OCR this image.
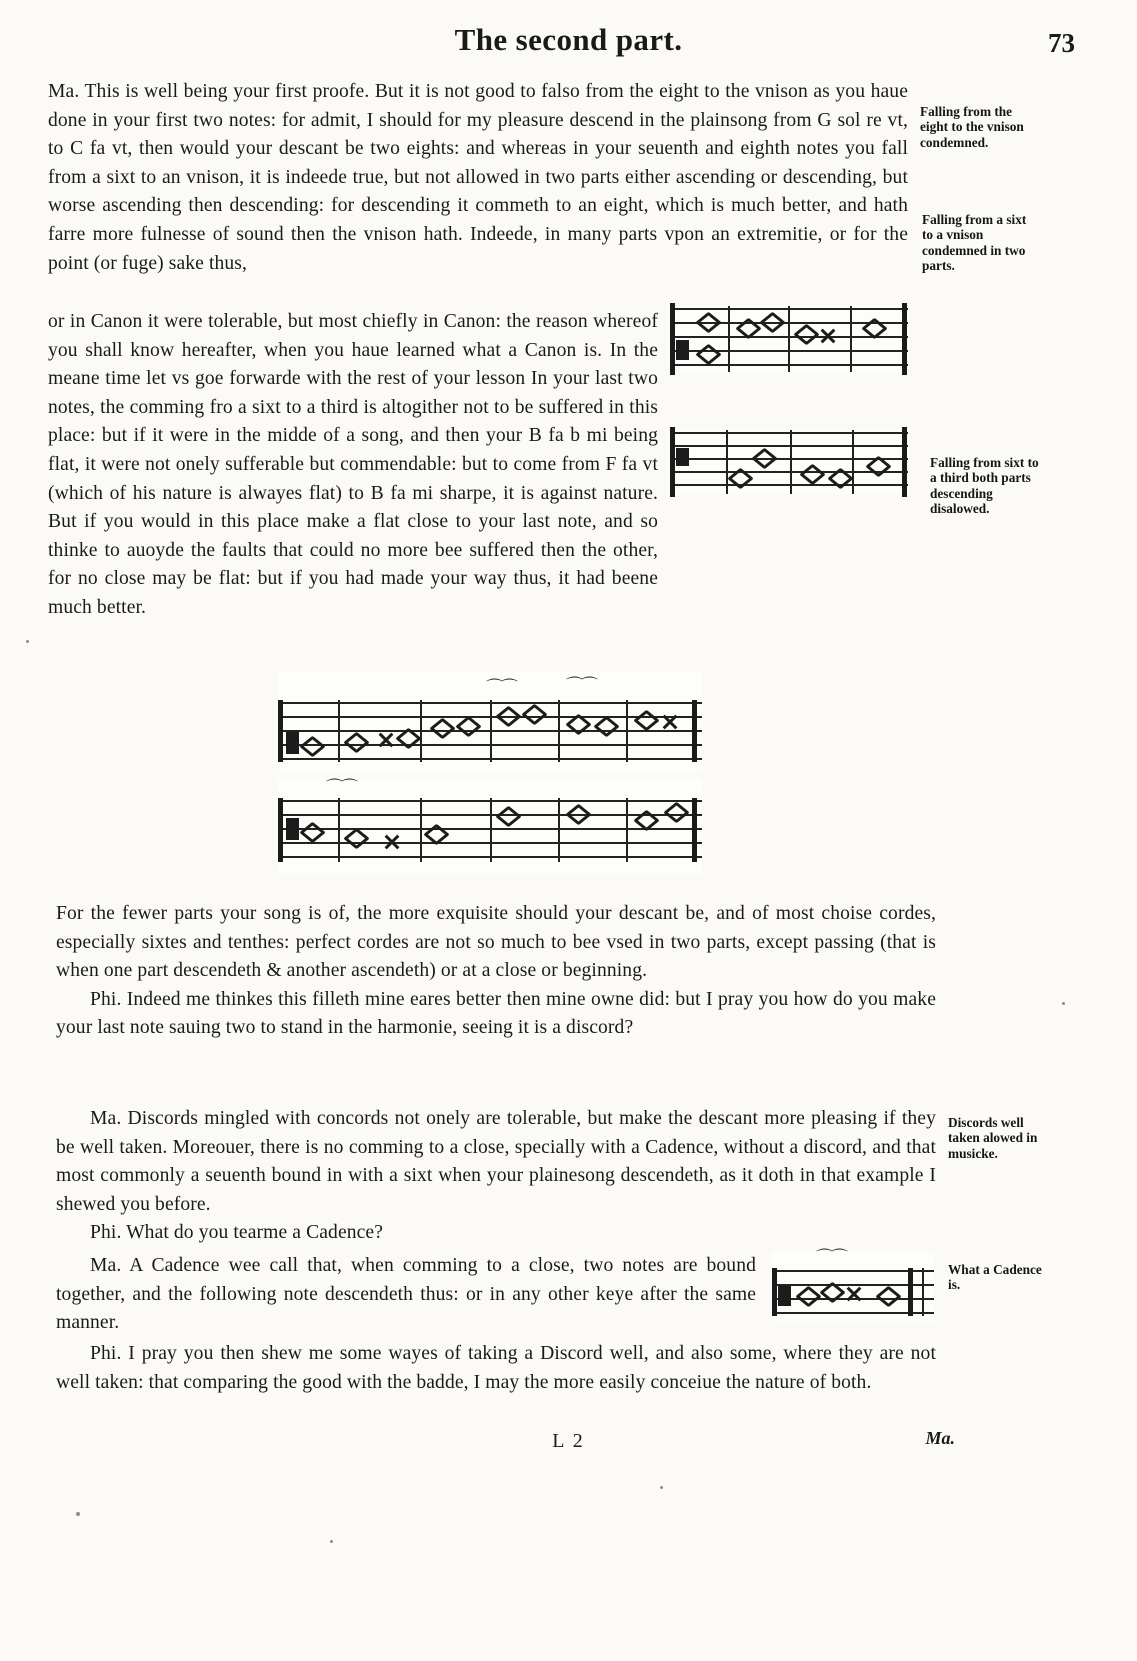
The second part.	73

Ma. This is well being your first proofe. But it is not good to falso from the eight to the vnison as you haue done in your first two notes: for admit, I should for my pleasure descend in the plainsong from G sol re vt, to C fa vt, then would your descant be two eights: and whereas in your seuenth and eighth notes you fall from a sixt to an vnison, it is indeede true, but not allowed in two parts either ascending or descending, but worse ascending then descending: for descending it commeth to an eight, which is much better, and hath farre more fulnesse of sound then the vnison hath. Indeede, in many parts vpon an extremitie, or for the point (or fuge) sake thus,

or in Canon it were tolerable, but most chiefly in Canon: the reason whereof you shall know hereafter, when you haue learned what a Canon is. In the meane time let vs goe forwarde with the rest of your lesson In your last two notes, the comming fro a sixt to a third is altogither not to be suffered in this place: but if it were in the midde of a song, and then your B fa b mi being flat, it were not onely sufferable but commendable: but to come from F fa vt (which of his nature is alwayes flat) to B fa mi sharpe, it is against nature. But if you would in this place make a flat close to your last note, and so thinke to auoyde the faults that could no more bee suffered then the other, for no close may be flat: but if you had made your way thus, it had beene much better.

Falling from the eight to the vnison condemned.
Falling from a sixt to a vnison condemned in two parts.
Falling from sixt to a third both parts descending disalowed.
⌒⌒	⌒⌒
⌒⌒

For the fewer parts your song is of, the more exquisite should your descant be, and of most choise cordes, especially sixtes and tenthes: perfect cordes are not so much to bee vsed in two parts, except passing (that is when one part descendeth & another ascendeth) or at a close or beginning.

Phi. Indeed me thinkes this filleth mine eares better then mine owne did: but I pray you how do you make your last note sauing two to stand in the harmonie, seeing it is a discord?

Ma. Discords mingled with concords not onely are tolerable, but make the descant more pleasing if they be well taken. Moreouer, there is no comming to a close, specially with a Cadence, without a discord, and that most commonly a seuenth bound in with a sixt when your plainesong descendeth, as it doth in that example I shewed you before.

Phi. What do you tearme a Cadence?

Ma. A Cadence wee call that, when comming to a close, two notes are bound together, and the following note descendeth thus: or in any other keye after the same manner.

Phi. I pray you then shew me some wayes of taking a Discord well, and also some, where they are not well taken: that comparing the good with the badde, I may the more easily conceiue the nature of both.

⌒⌒
Discords well taken alowed in musicke.
What a Cadence is.
L 2	Ma.
